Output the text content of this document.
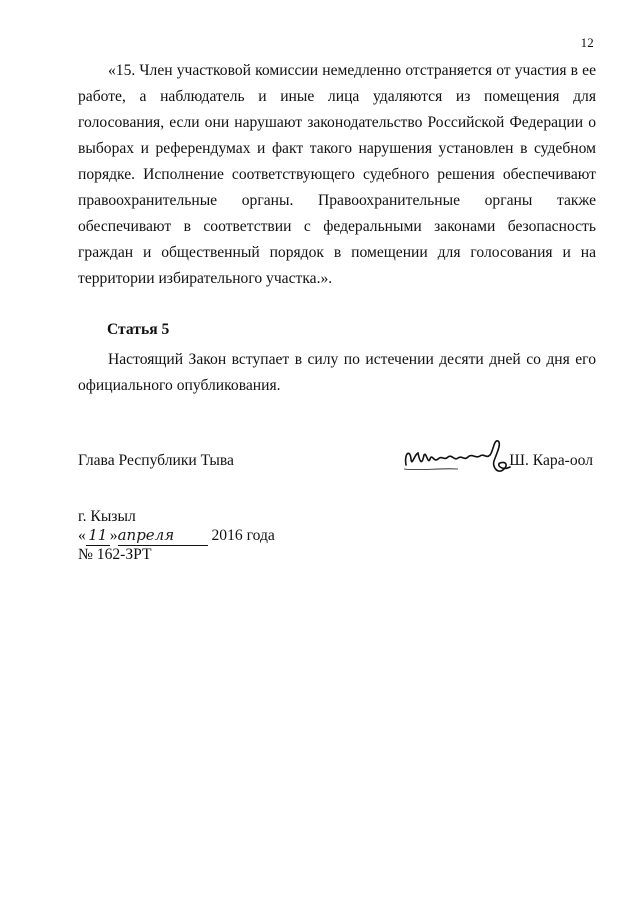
12

«15. Член участковой комиссии немедленно отстраняется от участия в ее работе, а наблюдатель и иные лица удаляются из помещения для голосования, если они нарушают законодательство Российской Федерации о выборах и референдумах и факт такого нарушения установлен в судебном порядке. Исполнение соответствующего судебного решения обеспечивают правоохранительные органы. Правоохранительные органы также обеспечивают в соответствии с федеральными законами безопасность граждан и общественный порядок в помещении для голосования и на территории избирательного участка.».

Статья 5

Настоящий Закон вступает в силу по истечении десяти дней со дня его официального опубликования.

Глава Республики Тыва	Ш. Кара-оол
г. Кызыл
« 11 »апреля 2016 года
№ 162-ЗРТ
